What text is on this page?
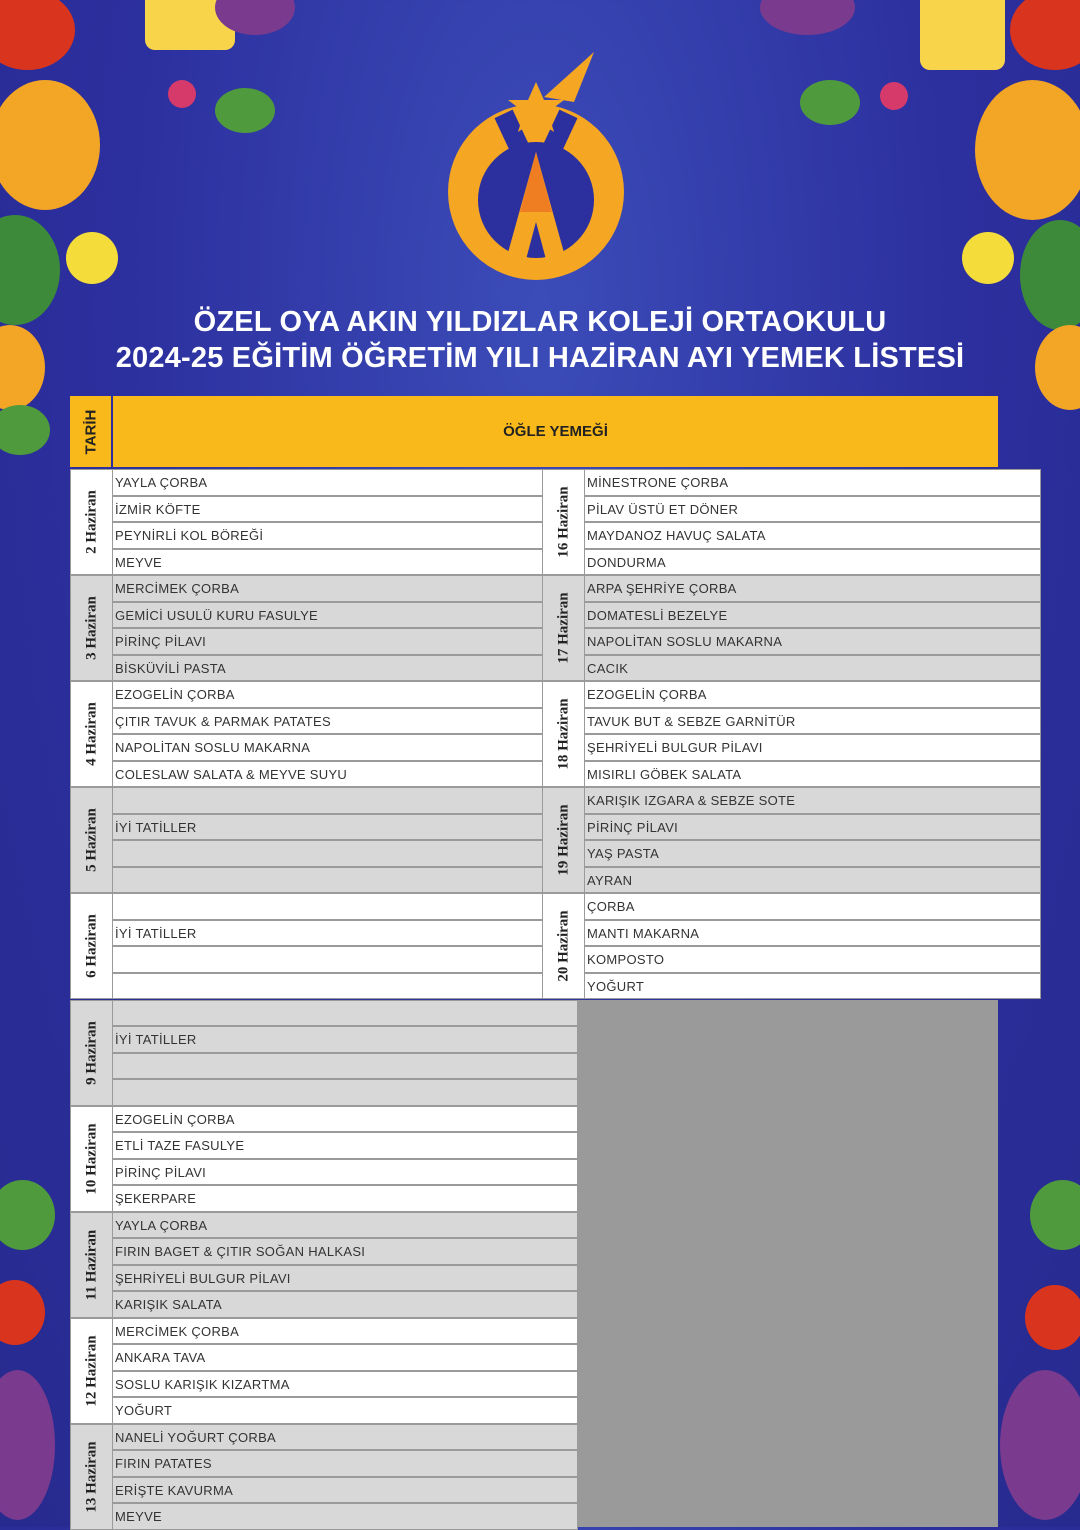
ÖZEL OYA AKIN YILDIZLAR KOLEJİ ORTAOKULU
2024-25 EĞİTİM ÖĞRETİM YILI HAZİRAN AYI YEMEK LİSTESİ
TARİH	ÖĞLE YEMEĞİ
2 Haziran
YAYLA ÇORBA
İZMİR KÖFTE
PEYNİRLİ KOL BÖREĞİ
MEYVE
3 Haziran
MERCİMEK ÇORBA
GEMİCİ USULÜ KURU FASULYE
PİRİNÇ PİLAVI
BİSKÜVİLİ PASTA
4 Haziran
EZOGELİN ÇORBA
ÇITIR TAVUK & PARMAK PATATES
NAPOLİTAN SOSLU MAKARNA
COLESLAW SALATA & MEYVE SUYU
5 Haziran İYİ TATİLLER
6 Haziran İYİ TATİLLER
9 Haziran İYİ TATİLLER
10 Haziran
EZOGELİN ÇORBA
ETLİ TAZE FASULYE
PİRİNÇ PİLAVI
ŞEKERPARE
11 Haziran
YAYLA ÇORBA
FIRIN BAGET & ÇITIR SOĞAN HALKASI
ŞEHRİYELİ BULGUR PİLAVI
KARIŞIK SALATA
12 Haziran
MERCİMEK ÇORBA
ANKARA TAVA
SOSLU KARIŞIK KIZARTMA
YOĞURT
13 Haziran
NANELİ YOĞURT ÇORBA
FIRIN PATATES
ERİŞTE KAVURMA
MEYVE
16 Haziran
MİNESTRONE ÇORBA
PİLAV ÜSTÜ ET DÖNER
MAYDANOZ HAVUÇ SALATA
DONDURMA
17 Haziran
ARPA ŞEHRİYE ÇORBA
DOMATESLİ BEZELYE
NAPOLİTAN SOSLU MAKARNA
CACIK
18 Haziran
EZOGELİN ÇORBA
TAVUK BUT & SEBZE GARNİTÜR
ŞEHRİYELİ BULGUR PİLAVI
MISIRLI GÖBEK SALATA
19 Haziran
KARIŞIK IZGARA & SEBZE SOTE
PİRİNÇ PİLAVI
YAŞ PASTA
AYRAN
20 Haziran
ÇORBA
MANTI MAKARNA
KOMPOSTO
YOĞURT
